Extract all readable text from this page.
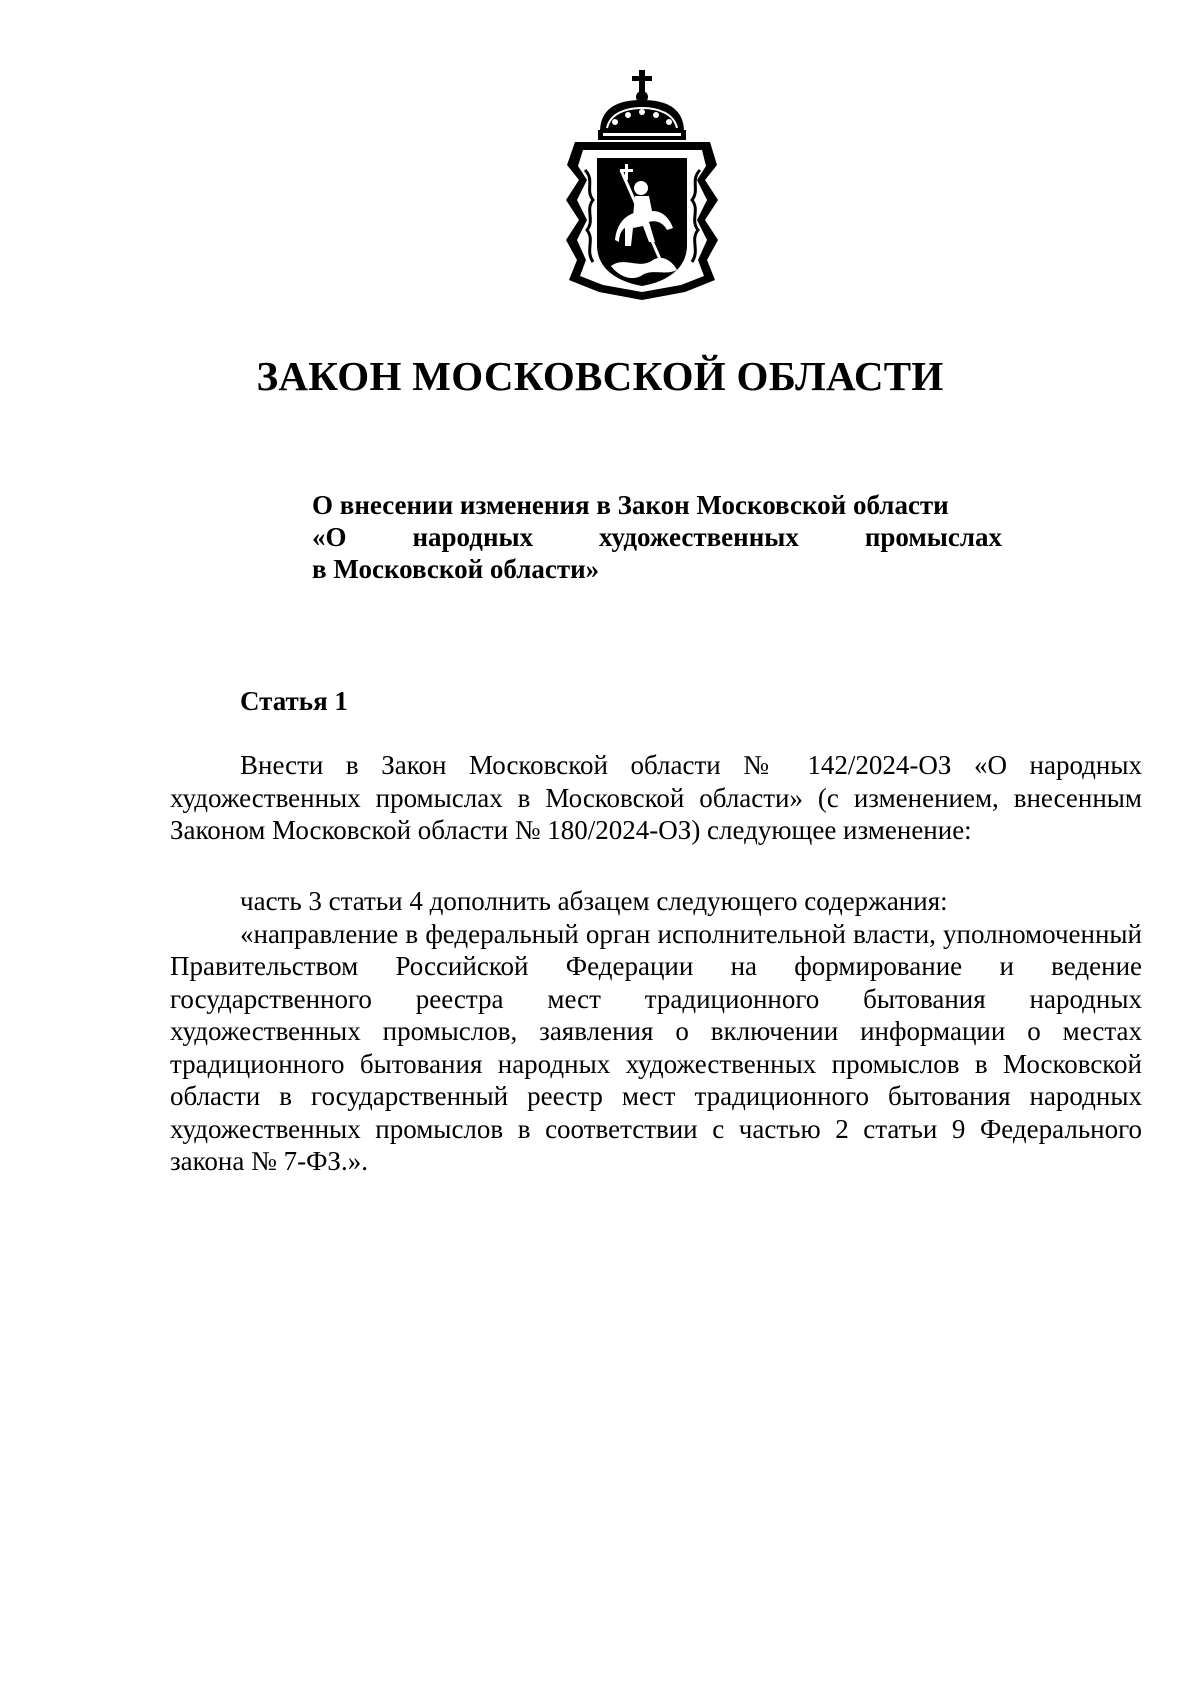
ЗАКОН МОСКОВСКОЙ ОБЛАСТИ
О внесении изменения в Закон Московской области
«О народных художественных промыслах
в Московской области»
Статья 1

Внести в Закон Московской области № 142/2024-ОЗ «О народных художественных промыслах в Московской области» (с изменением, внесенным Законом Московской области № 180/2024-ОЗ) следующее изменение:

часть 3 статьи 4 дополнить абзацем следующего содержания:

«направление в федеральный орган исполнительной власти, уполномоченный Правительством Российской Федерации на формирование и ведение государственного реестра мест традиционного бытования народных художественных промыслов, заявления о включении информации о местах традиционного бытования народных художественных промыслов в Московской области в государственный реестр мест традиционного бытования народных художественных промыслов в соответствии с частью 2 статьи 9 Федерального закона № 7-ФЗ.».
